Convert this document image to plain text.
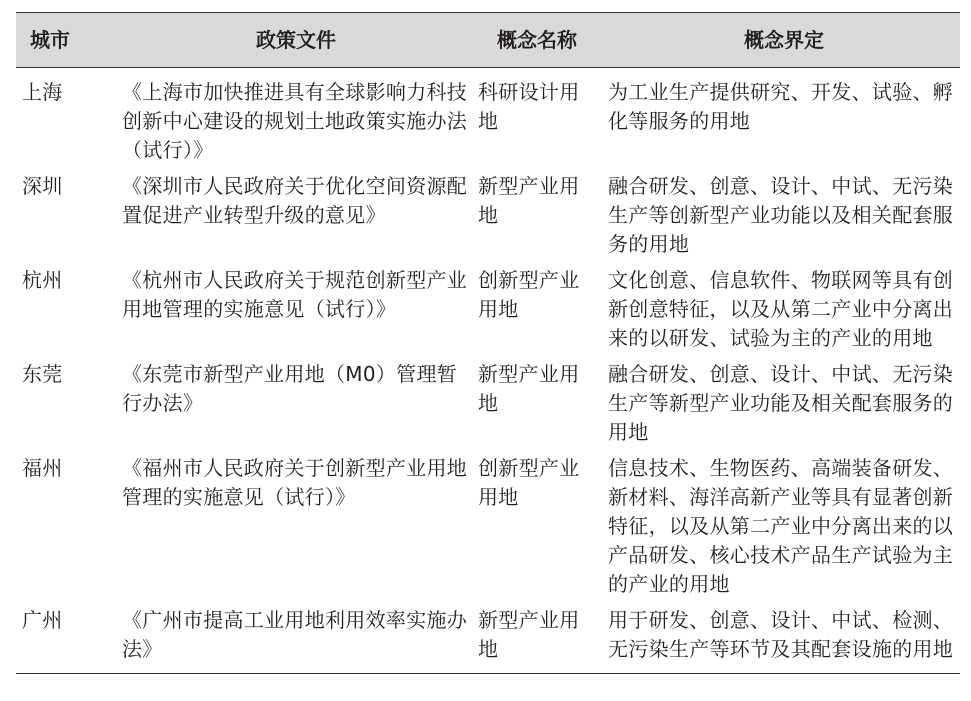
城市	政策文件	概念名称	概念界定
上海	《上海市加快推进具有全球影响力科技创新中心建设的规划土地政策实施办法（试行）》	科研设计用地	为工业生产提供研究、开发、试验、孵化等服务的用地
深圳	《深圳市人民政府关于优化空间资源配置促进产业转型升级的意见》	新型产业用地	融合研发、创意、设计、中试、无污染生产等创新型产业功能以及相关配套服务的用地
杭州	《杭州市人民政府关于规范创新型产业用地管理的实施意见（试行）》	创新型产业用地	文化创意、信息软件、物联网等具有创新创意特征，以及从第二产业中分离出来的以研发、试验为主的产业的用地
东莞	《东莞市新型产业用地（M0）管理暂行办法》	新型产业用地	融合研发、创意、设计、中试、无污染生产等新型产业功能及相关配套服务的用地
福州	《福州市人民政府关于创新型产业用地管理的实施意见（试行）》	创新型产业用地	信息技术、生物医药、高端装备研发、新材料、海洋高新产业等具有显著创新特征，以及从第二产业中分离出来的以产品研发、核心技术产品生产试验为主的产业的用地
广州	《广州市提高工业用地利用效率实施办法》	新型产业用地	用于研发、创意、设计、中试、检测、无污染生产等环节及其配套设施的用地
